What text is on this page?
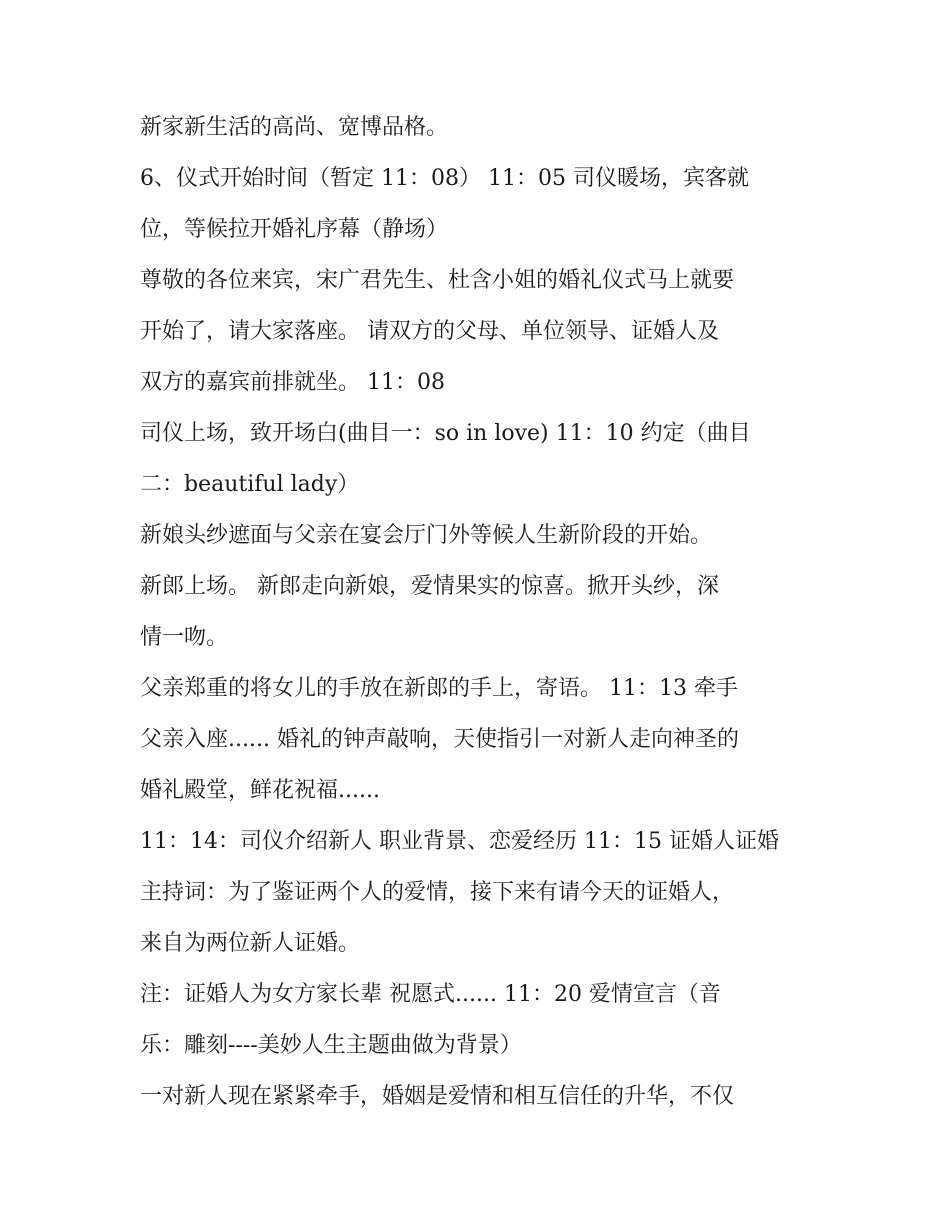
新家新生活的高尚、宽博品格。
6、仪式开始时间（暂定 11：08） 11：05 司仪暖场，宾客就
位，等候拉开婚礼序幕（静场）
尊敬的各位来宾，宋广君先生、杜含小姐的婚礼仪式马上就要
开始了，请大家落座。 请双方的父母、单位领导、证婚人及
双方的嘉宾前排就坐。 11：08
司仪上场，致开场白(曲目一：so in love) 11：10 约定（曲目
二：beautiful lady）
新娘头纱遮面与父亲在宴会厅门外等候人生新阶段的开始。
新郎上场。 新郎走向新娘，爱情果实的惊喜。掀开头纱，深
情一吻。
父亲郑重的将女儿的手放在新郎的手上，寄语。 11：13 牵手
父亲入座...... 婚礼的钟声敲响，天使指引一对新人走向神圣的
婚礼殿堂，鲜花祝福......
11：14：司仪介绍新人 职业背景、恋爱经历 11：15 证婚人证婚
主持词：为了鉴证两个人的爱情，接下来有请今天的证婚人，
来自为两位新人证婚。
注：证婚人为女方家长辈 祝愿式...... 11：20 爱情宣言（音
乐：雕刻----美妙人生主题曲做为背景）
一对新人现在紧紧牵手，婚姻是爱情和相互信任的升华，不仅
